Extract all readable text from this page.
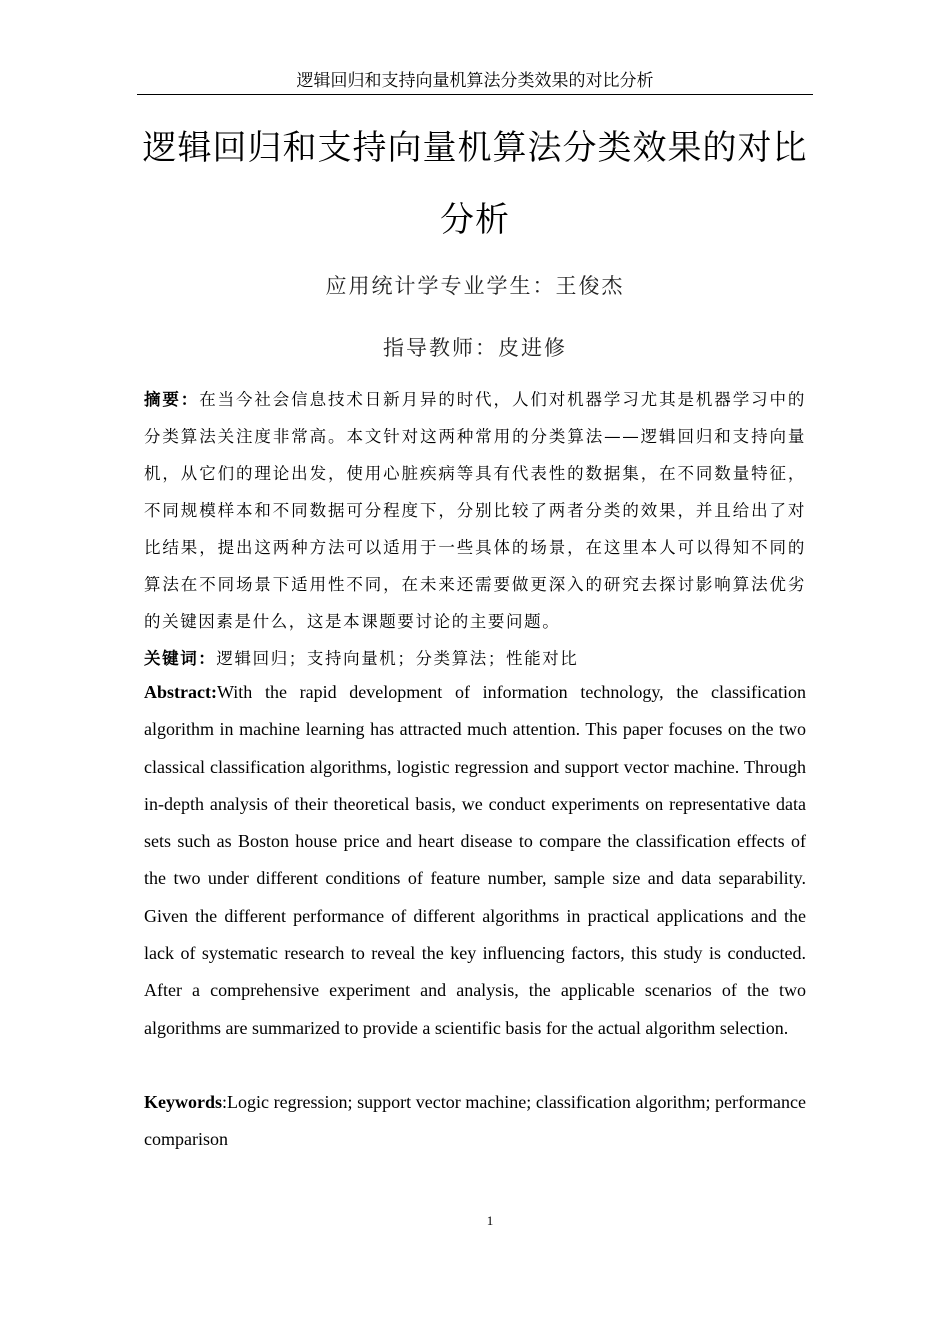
逻辑回归和支持向量机算法分类效果的对比分析
逻辑回归和支持向量机算法分类效果的对比分析
应用统计学专业学生：王俊杰
指导教师：皮进修
摘要：在当今社会信息技术日新月异的时代，人们对机器学习尤其是机器学习中的分类算法关注度非常高。本文针对这两种常用的分类算法——逻辑回归和支持向量机，从它们的理论出发，使用心脏疾病等具有代表性的数据集，在不同数量特征，不同规模样本和不同数据可分程度下，分别比较了两者分类的效果，并且给出了对比结果，提出这两种方法可以适用于一些具体的场景，在这里本人可以得知不同的算法在不同场景下适用性不同，在未来还需要做更深入的研究去探讨影响算法优劣的关键因素是什么，这是本课题要讨论的主要问题。
关键词：逻辑回归；支持向量机；分类算法；性能对比
Abstract:With the rapid development of information technology, the classification algorithm in machine learning has attracted much attention. This paper focuses on the two classical classification algorithms, logistic regression and support vector machine. Through in-depth analysis of their theoretical basis, we conduct experiments on representative data sets such as Boston house price and heart disease to compare the classification effects of the two under different conditions of feature number, sample size and data separability. Given the different performance of different algorithms in practical applications and the lack of systematic research to reveal the key influencing factors, this study is conducted. After a comprehensive experiment and analysis, the applicable scenarios of the two algorithms are summarized to provide a scientific basis for the actual algorithm selection.
Keywords:Logic regression; support vector machine; classification algorithm; performance comparison
1
